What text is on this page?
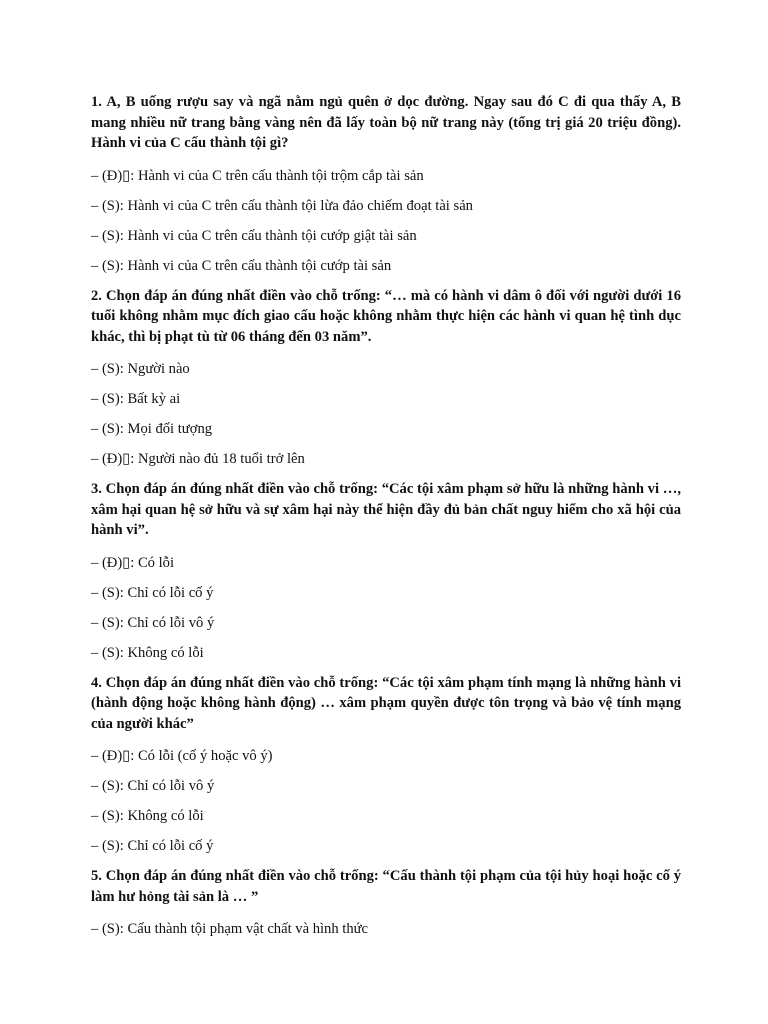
1. A, B uống rượu say và ngã nằm ngủ quên ở dọc đường. Ngay sau đó C đi qua thấy A, B mang nhiều nữ trang bằng vàng nên đã lấy toàn bộ nữ trang này (tổng trị giá 20 triệu đồng). Hành vi của C cấu thành tội gì?

– (Đ)▯: Hành vi của C trên cấu thành tội trộm cắp tài sản

– (S): Hành vi của C trên cấu thành tội lừa đảo chiếm đoạt tài sản

– (S): Hành vi của C trên cấu thành tội cướp giật tài sản

– (S): Hành vi của C trên cấu thành tội cướp tài sản

2. Chọn đáp án đúng nhất điền vào chỗ trống: “… mà có hành vi dâm ô đối với người dưới 16 tuổi không nhằm mục đích giao cấu hoặc không nhằm thực hiện các hành vi quan hệ tình dục khác, thì bị phạt tù từ 06 tháng đến 03 năm”.

– (S): Người nào

– (S): Bất kỳ ai

– (S): Mọi đối tượng

– (Đ)▯: Người nào đủ 18 tuổi trở lên

3. Chọn đáp án đúng nhất điền vào chỗ trống: “Các tội xâm phạm sở hữu là những hành vi …, xâm hại quan hệ sở hữu và sự xâm hại này thể hiện đầy đủ bản chất nguy hiểm cho xã hội của hành vi”.

– (Đ)▯: Có lỗi

– (S): Chỉ có lỗi cố ý

– (S): Chỉ có lỗi vô ý

– (S): Không có lỗi

4. Chọn đáp án đúng nhất điền vào chỗ trống: “Các tội xâm phạm tính mạng là những hành vi (hành động hoặc không hành động) … xâm phạm quyền được tôn trọng và bảo vệ tính mạng của người khác”

– (Đ)▯: Có lỗi (cố ý hoặc vô ý)

– (S): Chỉ có lỗi vô ý

– (S): Không có lỗi

– (S): Chỉ có lỗi cố ý

5. Chọn đáp án đúng nhất điền vào chỗ trống: “Cấu thành tội phạm của tội hủy hoại hoặc cố ý làm hư hỏng tài sản là … ”

– (S): Cấu thành tội phạm vật chất và hình thức
